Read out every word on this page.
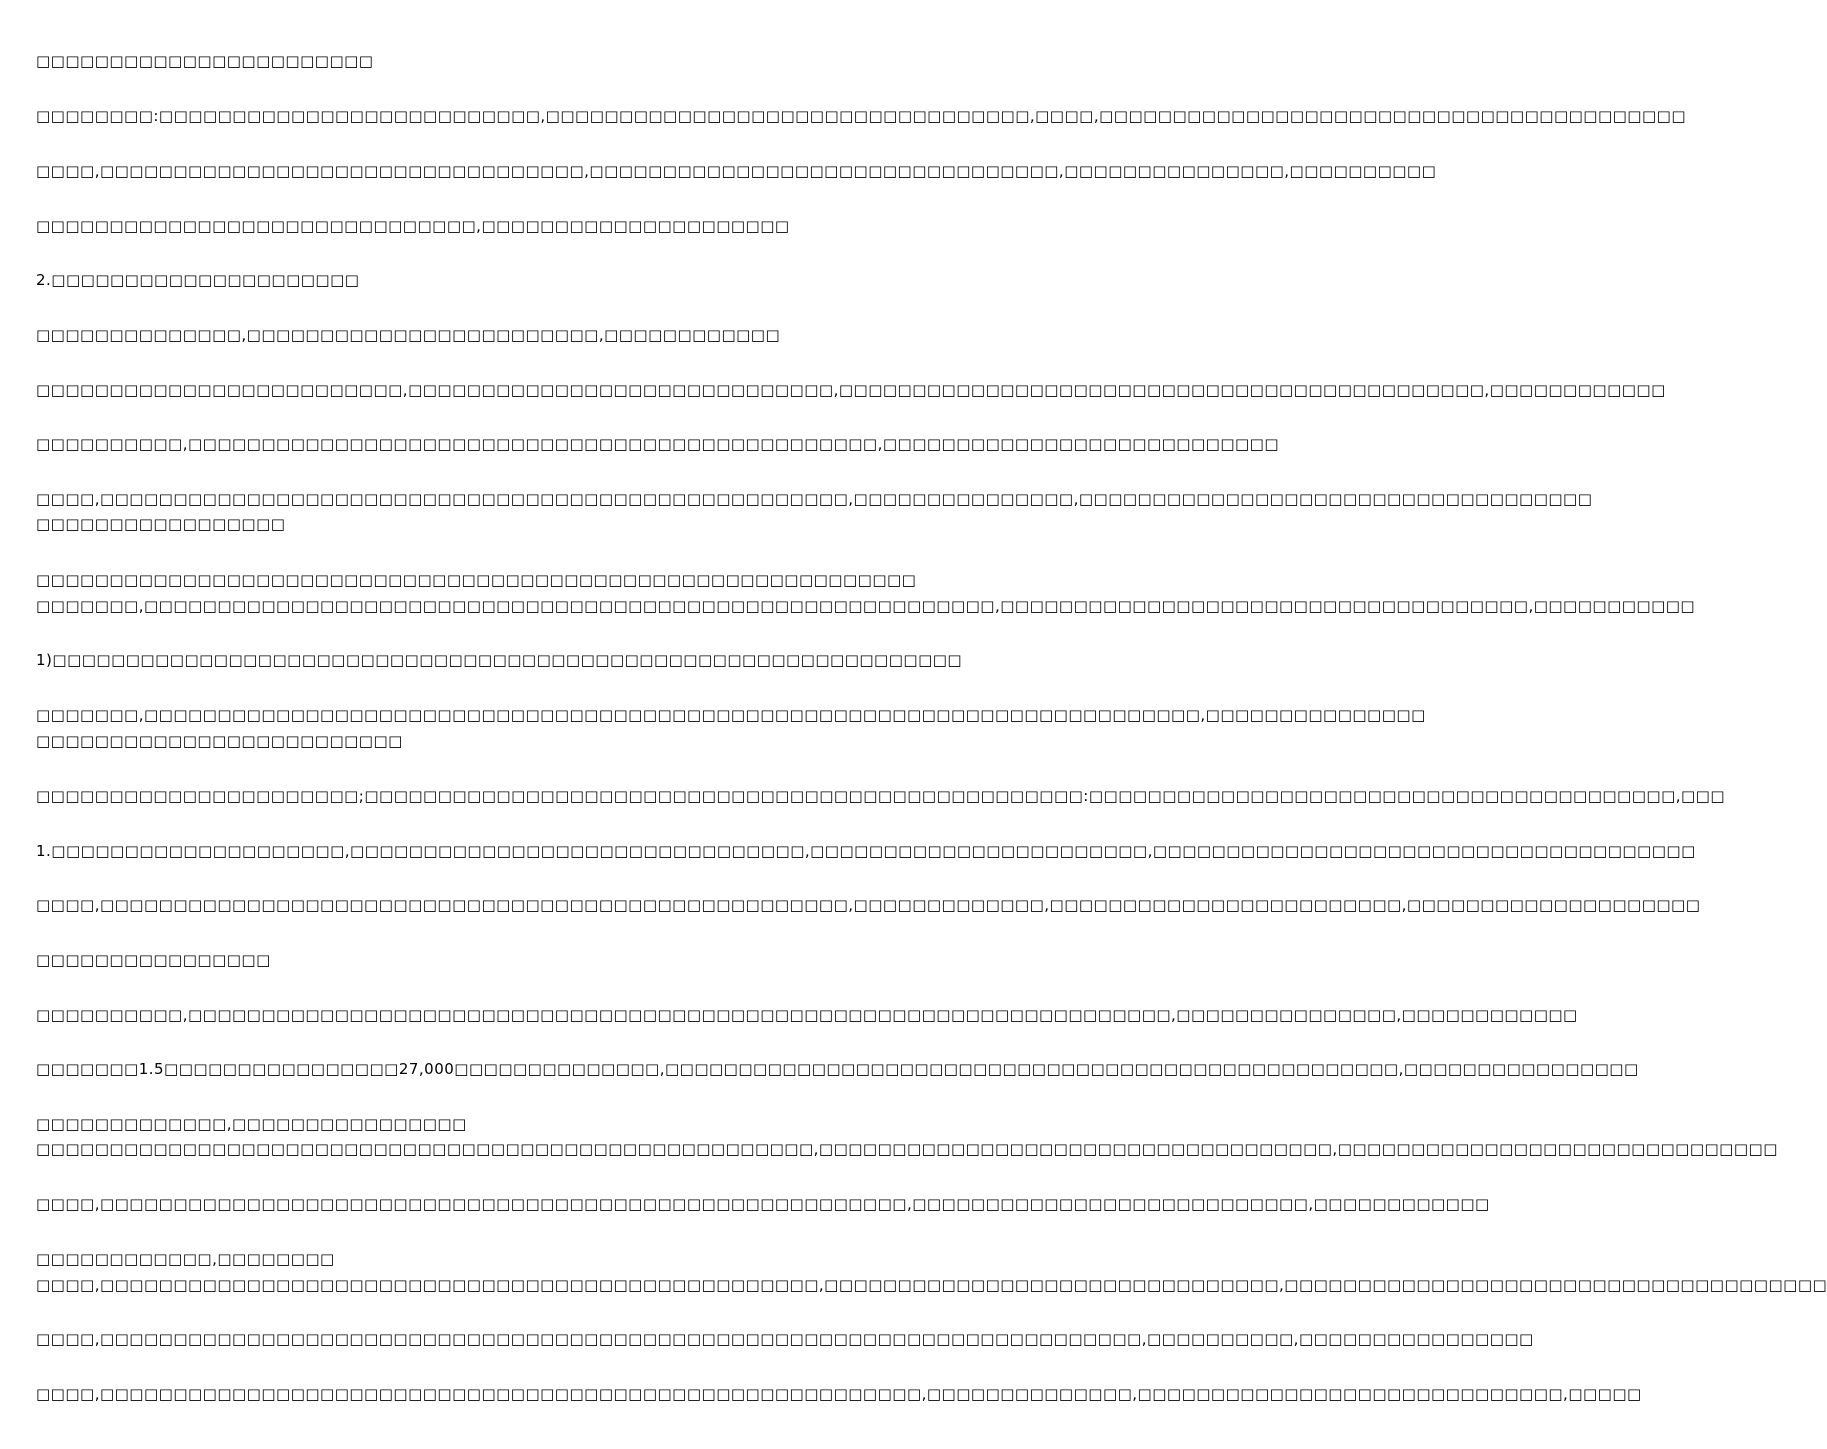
□□□□□□□□□□□□□□□□□□□□□□□
□□□□□□□□:□□□□□□□□□□□□□□□□□□□□□□□□□□,□□□□□□□□□□□□□□□□□□□□□□□□□□□□□□□□□,□□□□,□□□□□□□□□□□□□□□□□□□□□□□□□□□□□□□□□□□□□□□□
□□□□,□□□□□□□□□□□□□□□□□□□□□□□□□□□□□□□□□,□□□□□□□□□□□□□□□□□□□□□□□□□□□□□□□□,□□□□□□□□□□□□□□□,□□□□□□□□□□
□□□□□□□□□□□□□□□□□□□□□□□□□□□□□□,□□□□□□□□□□□□□□□□□□□□□
2.□□□□□□□□□□□□□□□□□□□□□
□□□□□□□□□□□□□□,□□□□□□□□□□□□□□□□□□□□□□□□,□□□□□□□□□□□□
□□□□□□□□□□□□□□□□□□□□□□□□□,□□□□□□□□□□□□□□□□□□□□□□□□□□□□□,□□□□□□□□□□□□□□□□□□□□□□□□□□□□□□□□□□□□□□□□□□□□,□□□□□□□□□□□□
□□□□□□□□□□,□□□□□□□□□□□□□□□□□□□□□□□□□□□□□□□□□□□□□□□□□□□□□□□,□□□□□□□□□□□□□□□□□□□□□□□□□□□
□□□□,□□□□□□□□□□□□□□□□□□□□□□□□□□□□□□□□□□□□□□□□□□□□□□□□□□□,□□□□□□□□□□□□□□□,□□□□□□□□□□□□□□□□□□□□□□□□□□□□□□□□□□□
□□□□□□□□□□□□□□□□□
□□□□□□□□□□□□□□□□□□□□□□□□□□□□□□□□□□□□□□□□□□□□□□□□□□□□□□□□□□□□
□□□□□□□,□□□□□□□□□□□□□□□□□□□□□□□□□□□□□□□□□□□□□□□□□□□□□□□□□□□□□□□□□□,□□□□□□□□□□□□□□□□□□□□□□□□□□□□□□□□□□□□,□□□□□□□□□□□
1)□□□□□□□□□□□□□□□□□□□□□□□□□□□□□□□□□□□□□□□□□□□□□□□□□□□□□□□□□□□□□□
□□□□□□□,□□□□□□□□□□□□□□□□□□□□□□□□□□□□□□□□□□□□□□□□□□□□□□□□□□□□□□□□□□□□□□□□□□□□□□□□,□□□□□□□□□□□□□□□
□□□□□□□□□□□□□□□□□□□□□□□□□
□□□□□□□□□□□□□□□□□□□□□□;□□□□□□□□□□□□□□□□□□□□□□□□□□□□□□□□□□□□□□□□□□□□□□□□□:□□□□□□□□□□□□□□□□□□□□□□□□□□□□□□□□□□□□□□□□,□□□
1.□□□□□□□□□□□□□□□□□□□□,□□□□□□□□□□□□□□□□□□□□□□□□□□□□□□□,□□□□□□□□□□□□□□□□□□□□□□□,□□□□□□□□□□□□□□□□□□□□□□□□□□□□□□□□□□□□□
□□□□,□□□□□□□□□□□□□□□□□□□□□□□□□□□□□□□□□□□□□□□□□□□□□□□□□□□,□□□□□□□□□□□□□,□□□□□□□□□□□□□□□□□□□□□□□□,□□□□□□□□□□□□□□□□□□□□
□□□□□□□□□□□□□□□□
□□□□□□□□□□,□□□□□□□□□□□□□□□□□□□□□□□□□□□□□□□□□□□□□□□□□□□□□□□□□□□□□□□□□□□□□□□□□□□,□□□□□□□□□□□□□□□,□□□□□□□□□□□□
□□□□□□□1.5□□□□□□□□□□□□□□□□27,000□□□□□□□□□□□□□□,□□□□□□□□□□□□□□□□□□□□□□□□□□□□□□□□□□□□□□□□□□□□□□□□□□,□□□□□□□□□□□□□□□□
□□□□□□□□□□□□□,□□□□□□□□□□□□□□□□
□□□□□□□□□□□□□□□□□□□□□□□□□□□□□□□□□□□□□□□□□□□□□□□□□□□□□,□□□□□□□□□□□□□□□□□□□□□□□□□□□□□□□□□□□,□□□□□□□□□□□□□□□□□□□□□□□□□□□□□□
□□□□,□□□□□□□□□□□□□□□□□□□□□□□□□□□□□□□□□□□□□□□□□□□□□□□□□□□□□□□,□□□□□□□□□□□□□□□□□□□□□□□□□□□,□□□□□□□□□□□□
□□□□□□□□□□□□,□□□□□□□□
□□□□,□□□□□□□□□□□□□□□□□□□□□□□□□□□□□□□□□□□□□□□□□□□□□□□□□,□□□□□□□□□□□□□□□□□□□□□□□□□□□□□□□,□□□□□□□□□□□□□□□□□□□□□□□□□□□□□□□□□□□□□
□□□□,□□□□□□□□□□□□□□□□□□□□□□□□□□□□□□□□□□□□□□□□□□□□□□□□□□□□□□□□□□□□□□□□□□□□□□□,□□□□□□□□□□,□□□□□□□□□□□□□□□□
□□□□,□□□□□□□□□□□□□□□□□□□□□□□□□□□□□□□□□□□□□□□□□□□□□□□□□□□□□□□□,□□□□□□□□□□□□□□,□□□□□□□□□□□□□□□□□□□□□□□□□□□□□,□□□□□
